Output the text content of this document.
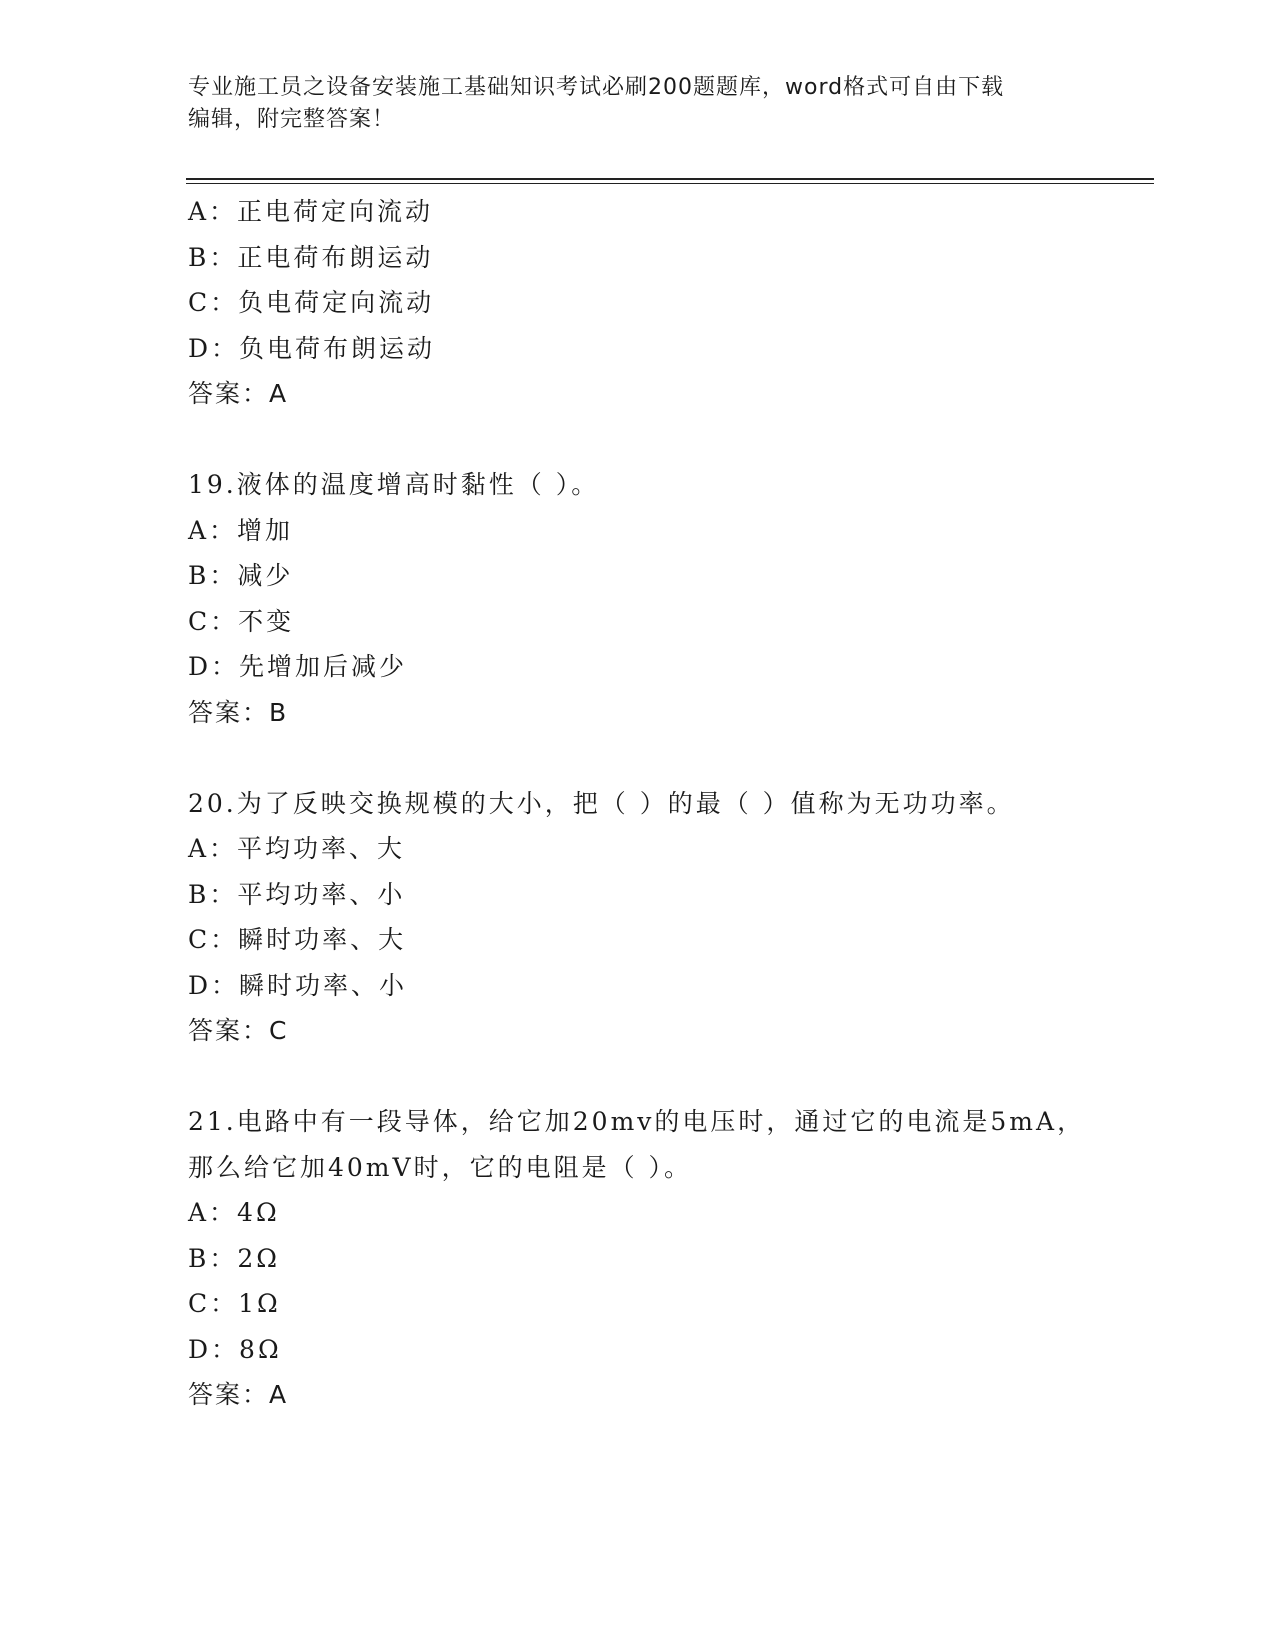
专业施工员之设备安装施工基础知识考试必刷200题题库，word格式可自由下载
编辑，附完整答案！
A：正电荷定向流动
B：正电荷布朗运动
C：负电荷定向流动
D：负电荷布朗运动
答案：A
19.液体的温度增高时黏性（ ）。
A：增加
B：减少
C：不变
D：先增加后减少
答案：B
20.为了反映交换规模的大小，把（ ）的最（ ）值称为无功功率。
A：平均功率、大
B：平均功率、小
C：瞬时功率、大
D：瞬时功率、小
答案：C
21.电路中有一段导体，给它加20mv的电压时，通过它的电流是5mA，
那么给它加40mV时，它的电阻是（ ）。
A：4Ω
B：2Ω
C：1Ω
D：8Ω
答案：A
